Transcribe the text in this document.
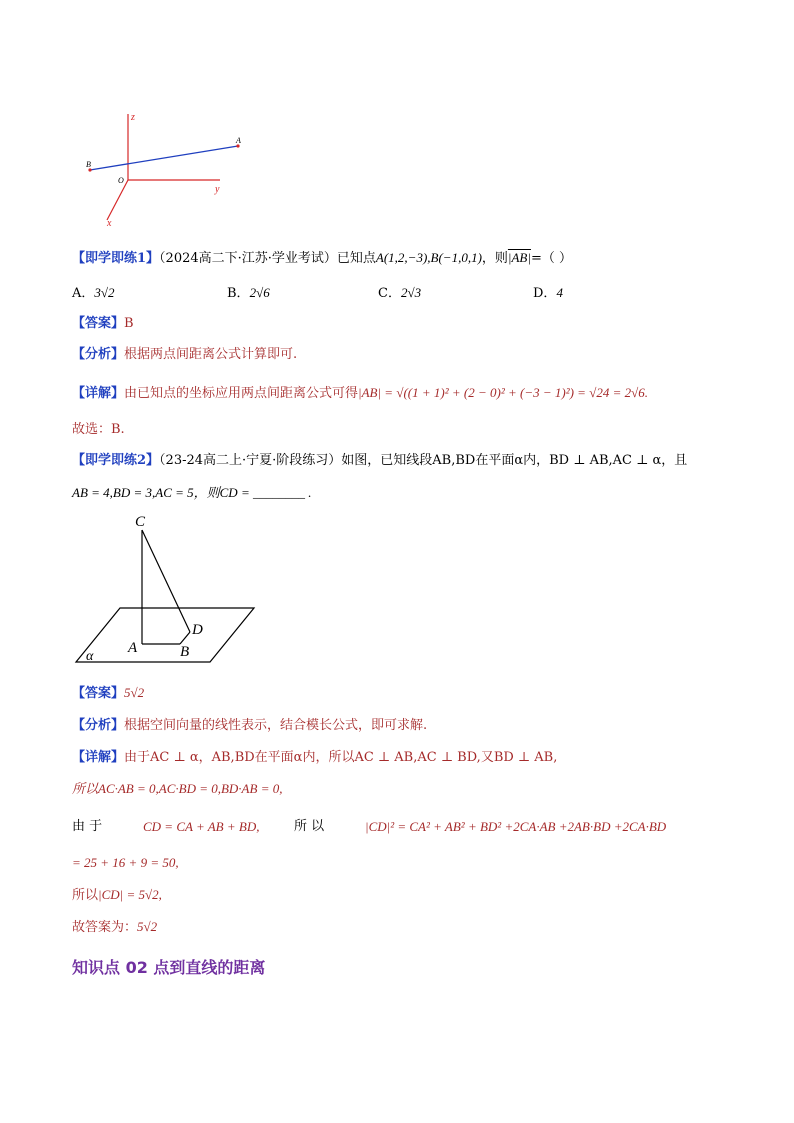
z
y
x
O
A
B
【即学即练1】（2024高二下·江苏·学业考试）已知点A(1,2,−3),B(−1,0,1)，则|AB|=（ ）
A．3√2	B．2√6	C．2√3	D．4
【答案】B
【分析】根据两点间距离公式计算即可.
【详解】由已知点的坐标应用两点间距离公式可得|AB| = √((1 + 1)² + (2 − 0)² + (−3 − 1)²) = √24 = 2√6.
故选：B.
【即学即练2】（23-24高二上·宁夏·阶段练习）如图，已知线段AB,BD在平面α内，BD ⊥ AB,AC ⊥ α，且
AB = 4,BD = 3,AC = 5，则CD = ________ .
C
D
A	B
α
【答案】5√2
【分析】根据空间向量的线性表示，结合模长公式，即可求解.
【详解】由于AC ⊥ α，AB,BD在平面α内，所以AC ⊥ AB,AC ⊥ BD,又BD ⊥ AB,
所以AC·AB = 0,AC·BD = 0,BD·AB = 0,
由 于	CD = CA + AB + BD,	所 以	|CD|² = CA² + AB² + BD² +2CA·AB +2AB·BD +2CA·BD
= 25 + 16 + 9 = 50,
所以|CD| = 5√2,
故答案为：5√2
知识点 02 点到直线的距离
